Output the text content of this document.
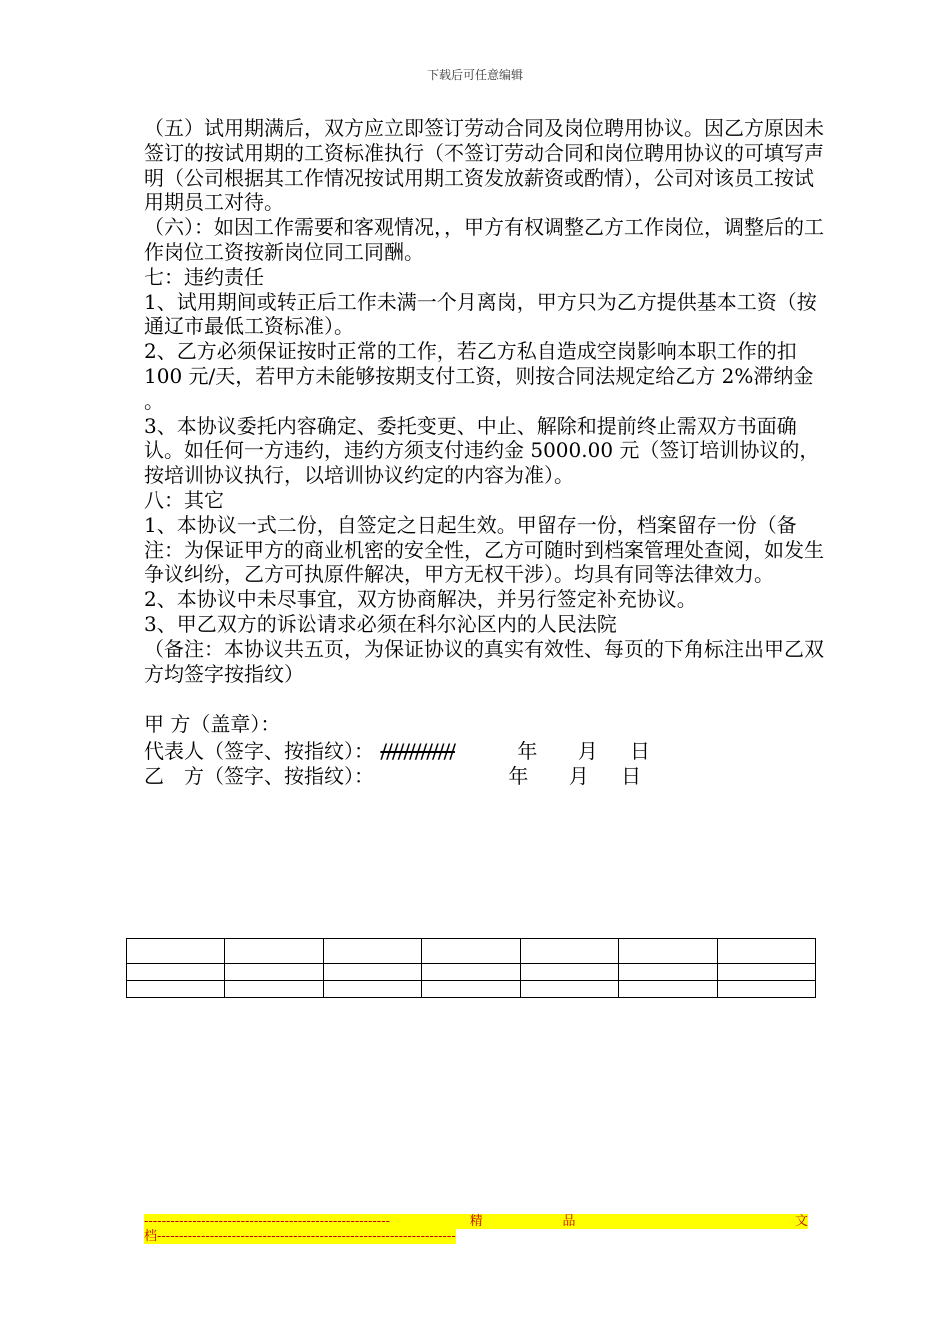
下载后可任意编辑

（五）试用期满后，双方应立即签订劳动合同及岗位聘用协议。因乙方原因未签订的按试用期的工资标准执行（不签订劳动合同和岗位聘用协议的可填写声明（公司根据其工作情况按试用期工资发放薪资或酌情），公司对该员工按试用期员工对待。

（六）：如因工作需要和客观情况，，甲方有权调整乙方工作岗位，调整后的工作岗位工资按新岗位同工同酬。

七：违约责任

1、试用期间或转正后工作未满一个月离岗，甲方只为乙方提供基本工资（按通辽市最低工资标准）。

2、乙方必须保证按时正常的工作，若乙方私自造成空岗影响本职工作的扣 100 元/天，若甲方未能够按期支付工资，则按合同法规定给乙方 2%滞纳金 。

3、本协议委托内容确定、委托变更、中止、解除和提前终止需双方书面确认。如任何一方违约，违约方须支付违约金 5000.00 元（签订培训协议的，按培训协议执行，以培训协议约定的内容为准）。

八：其它

1、本协议一式二份，自签定之日起生效。甲留存一份，档案留存一份（备注：为保证甲方的商业机密的安全性，乙方可随时到档案管理处查阅，如发生争议纠纷，乙方可执原件解决，甲方无权干涉）。均具有同等法律效力。

2、本协议中未尽事宜，双方协商解决，并另行签定补充协议。

3、甲乙双方的诉讼请求必须在科尔沁区内的人民法院

（备注：本协议共五页，为保证协议的真实有效性、每页的下角标注出甲乙双方均签字按指纹）

甲 方（盖章）：
代表人（签字、按指纹）： /////////////	年 月 日
乙　方（签字、按指纹）：	年 月 日

--------------------------------------------------------	精	品	文
档--------------------------------------------------------------------
